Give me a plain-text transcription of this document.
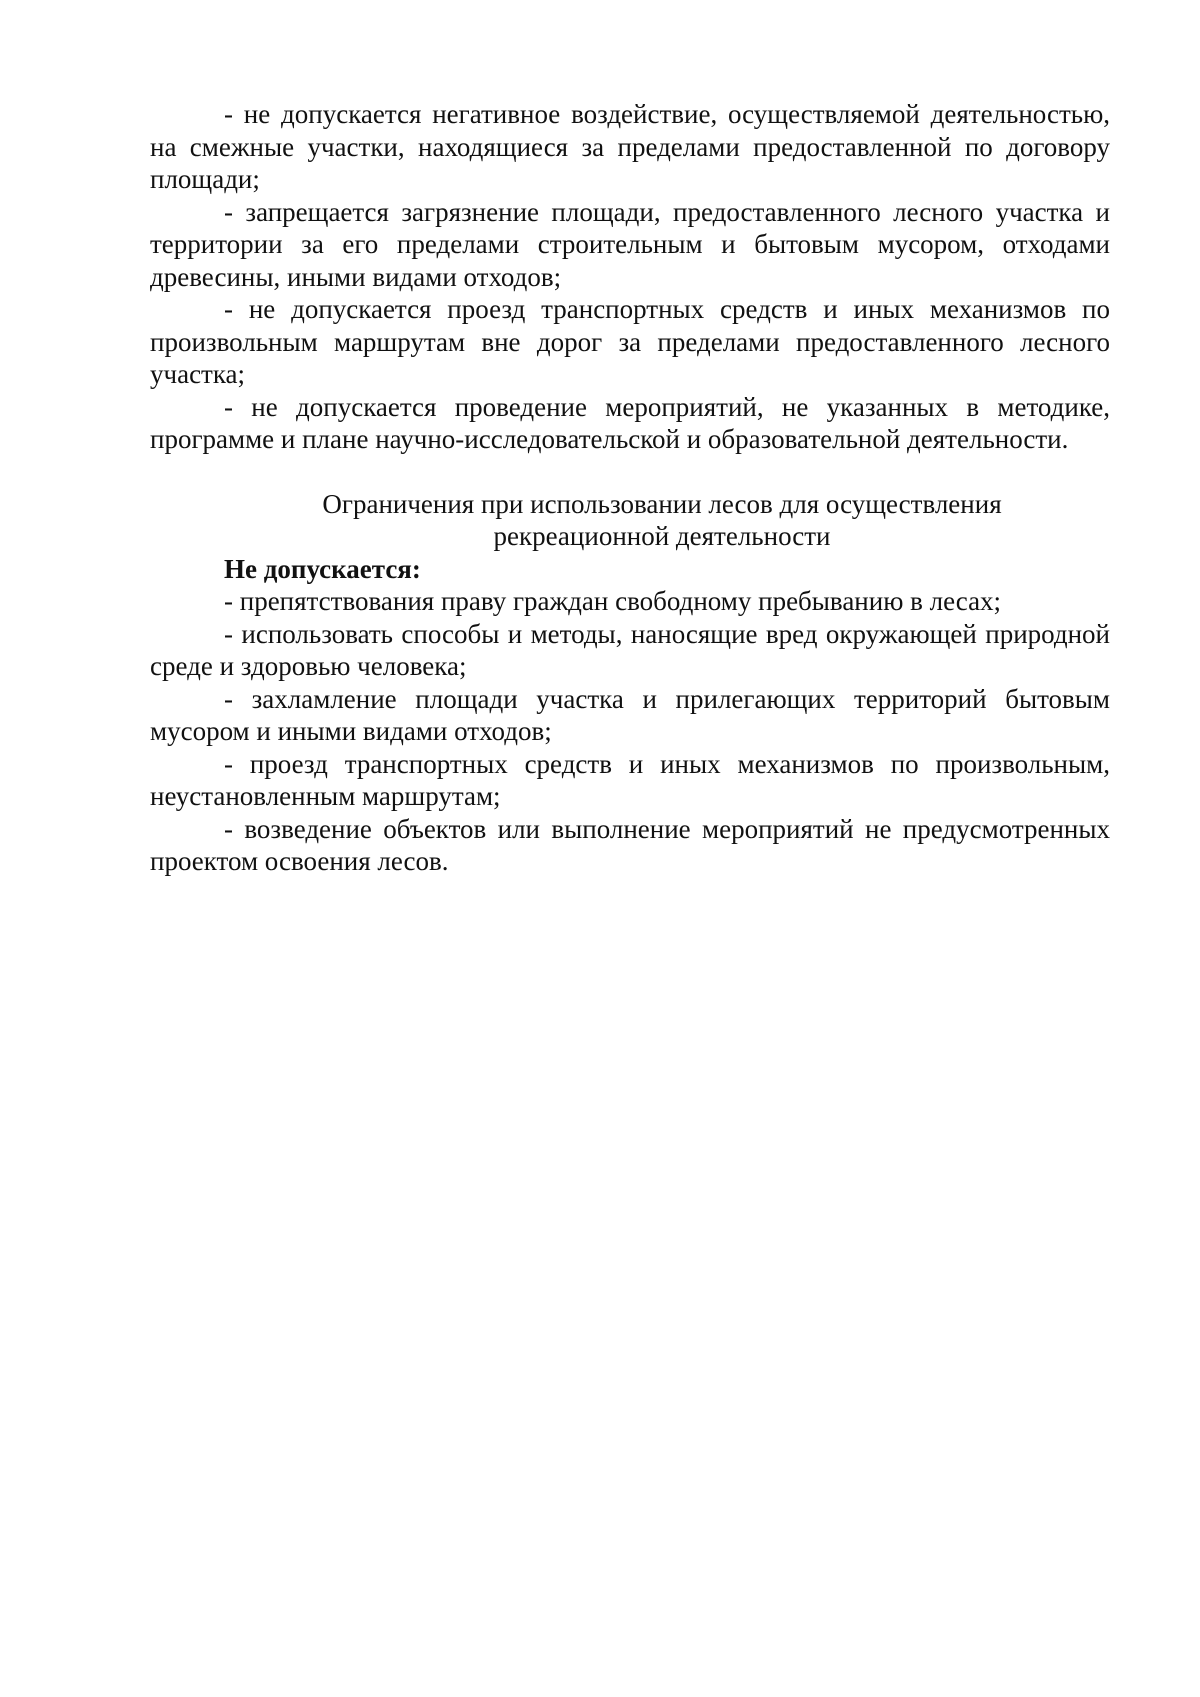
- не допускается негативное воздействие, осуществляемой деятельностью, на смежные участки, находящиеся за пределами предоставленной по договору площади;

- запрещается загрязнение площади, предоставленного лесного участка и территории за его пределами строительным и бытовым мусором, отходами древесины, иными видами отходов;

- не допускается проезд транспортных средств и иных механизмов по произвольным маршрутам вне дорог за пределами предоставленного лесного участка;

- не допускается проведение мероприятий, не указанных в методике, программе и плане научно-исследовательской и образовательной деятельности.

Ограничения при использовании лесов для осуществления
рекреационной деятельности

Не допускается:

- препятствования праву граждан свободному пребыванию в лесах;

- использовать способы и методы, наносящие вред окружающей природной среде и здоровью человека;

- захламление площади участка и прилегающих территорий бытовым мусором и иными видами отходов;

- проезд транспортных средств и иных механизмов по произвольным, неустановленным маршрутам;

- возведение объектов или выполнение мероприятий не предусмотренных проектом освоения лесов.
